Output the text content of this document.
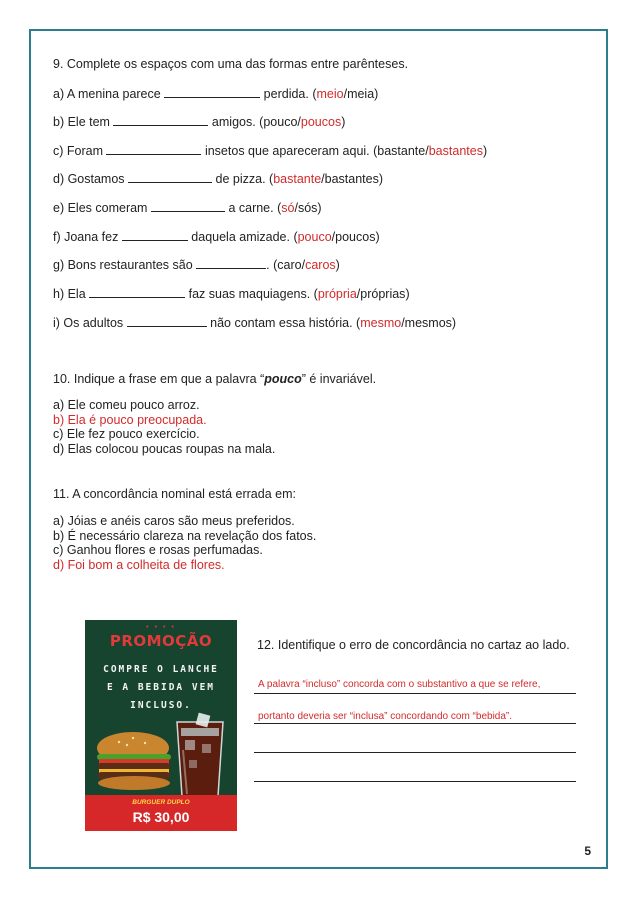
9. Complete os espaços com uma das formas entre parênteses.
a) A menina parece	perdida. (meio/meia)
b) Ele tem	amigos. (pouco/poucos)
c) Foram	insetos que apareceram aqui. (bastante/bastantes)
d) Gostamos	de pizza. (bastante/bastantes)
e) Eles comeram	a carne. (só/sós)
f) Joana fez	daquela amizade. (pouco/poucos)
g) Bons restaurantes são	. (caro/caros)
h) Ela	faz suas maquiagens. (própria/próprias)
i) Os adultos	não contam essa história. (mesmo/mesmos)
10. Indique a frase em que a palavra “pouco” é invariável.
a) Ele comeu pouco arroz.
b) Ela é pouco preocupada.
c) Ele fez pouco exercício.
d) Elas colocou poucas roupas na mala.
11. A concordância nominal está errada em:
a) Jóias e anéis caros são meus preferidos.
b) É necessário clareza na revelação dos fatos.
c) Ganhou flores e rosas perfumadas.
d) Foi bom a colheita de flores.
• • • •
PROMOÇÃO
COMPRE O LANCHE
E A BEBIDA VEM
INCLUSO.
BURGUER DUPLO
R$ 30,00
12. Identifique o erro de concordância no cartaz ao lado.
A palavra “incluso” concorda com o substantivo a que se refere,
portanto deveria ser “inclusa” concordando com “bebida”.
5
